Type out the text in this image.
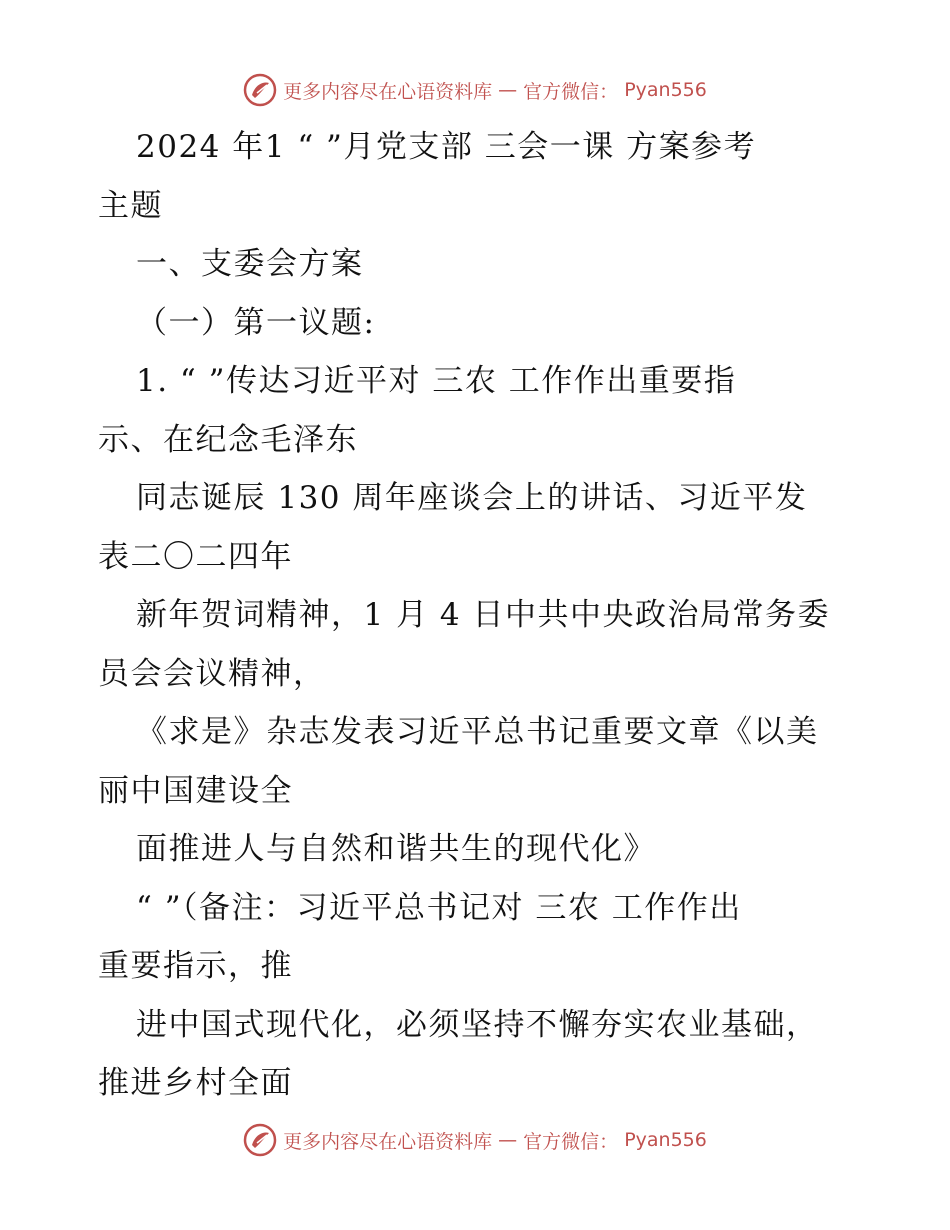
更多内容尽在心语资料库 — 官方微信： Pyan556
2024 年1 “ ”月党支部 三会一课 方案参考
主题
一、支委会方案
（一）第一议题:
1. “ ”传达习近平对 三农 工作作出重要指
示、在纪念毛泽东
同志诞辰 130 周年座谈会上的讲话、习近平发
表二〇二四年
新年贺词精神，1 月 4 日中共中央政治局常务委
员会会议精神，
《求是》杂志发表习近平总书记重要文章《以美
丽中国建设全
面推进人与自然和谐共生的现代化》
“ ”（备注：习近平总书记对 三农 工作作出
重要指示，推
进中国式现代化，必须坚持不懈夯实农业基础，
推进乡村全面
更多内容尽在心语资料库 — 官方微信： Pyan556
